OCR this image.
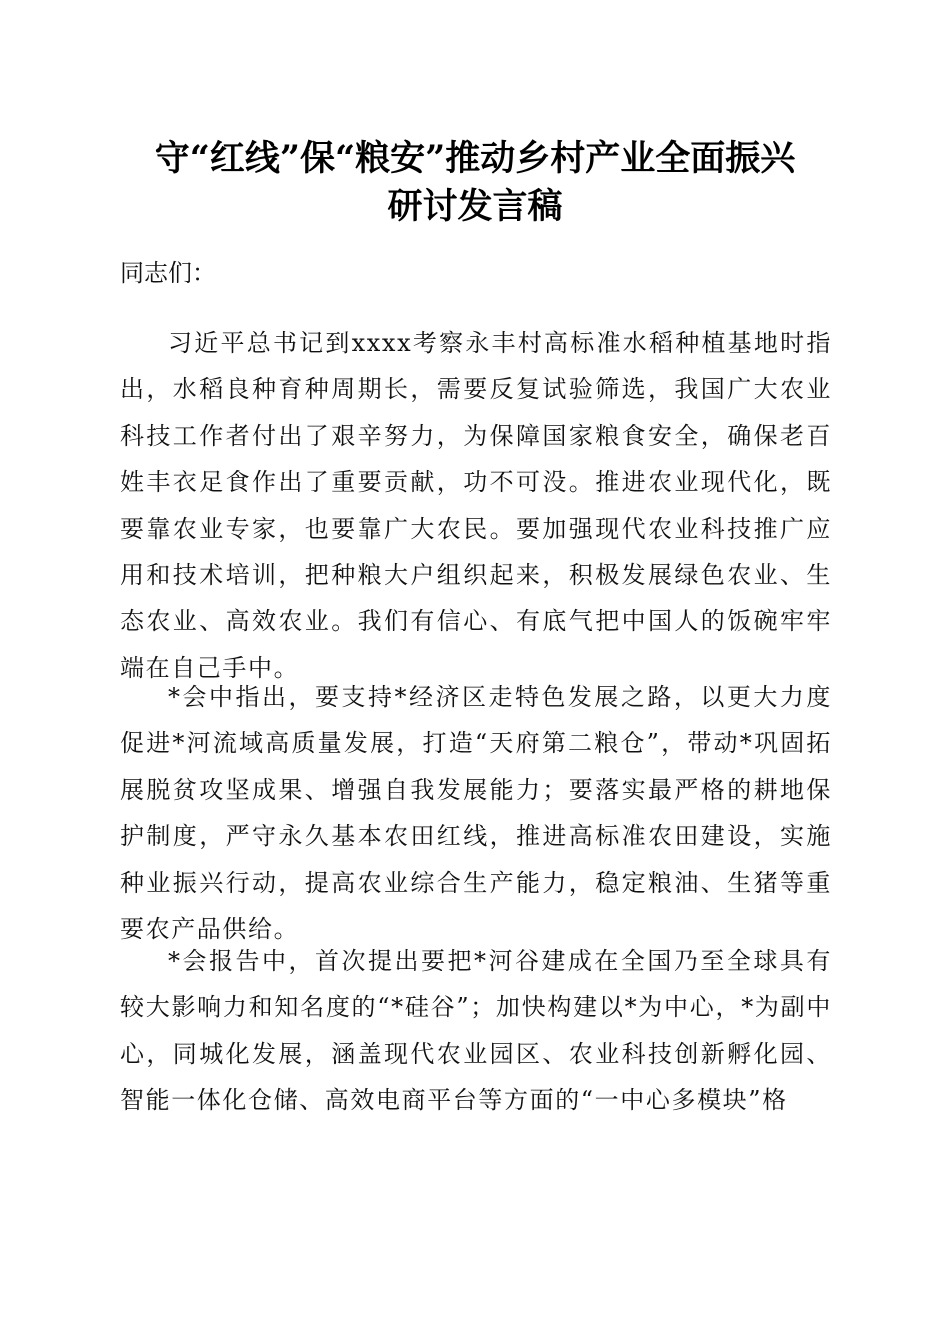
守“红线”保“粮安”推动乡村产业全面振兴
研讨发言稿
同志们：

习近平总书记到xxxx考察永丰村高标准水稻种植基地时指出，水稻良种育种周期长，需要反复试验筛选，我国广大农业科技工作者付出了艰辛努力，为保障国家粮食安全，确保老百姓丰衣足食作出了重要贡献，功不可没。推进农业现代化，既要靠农业专家，也要靠广大农民。要加强现代农业科技推广应用和技术培训，把种粮大户组织起来，积极发展绿色农业、生态农业、高效农业。我们有信心、有底气把中国人的饭碗牢牢端在自己手中。

*会中指出，要支持*经济区走特色发展之路，以更大力度促进*河流域高质量发展，打造“天府第二粮仓”，带动*巩固拓展脱贫攻坚成果、增强自我发展能力；要落实最严格的耕地保护制度，严守永久基本农田红线，推进高标准农田建设，实施种业振兴行动，提高农业综合生产能力，稳定粮油、生猪等重要农产品供给。

*会报告中，首次提出要把*河谷建成在全国乃至全球具有较大影响力和知名度的“*硅谷”；加快构建以*为中心，*为副中心，同城化发展，涵盖现代农业园区、农业科技创新孵化园、智能一体化仓储、高效电商平台等方面的“一中心多模块”格
